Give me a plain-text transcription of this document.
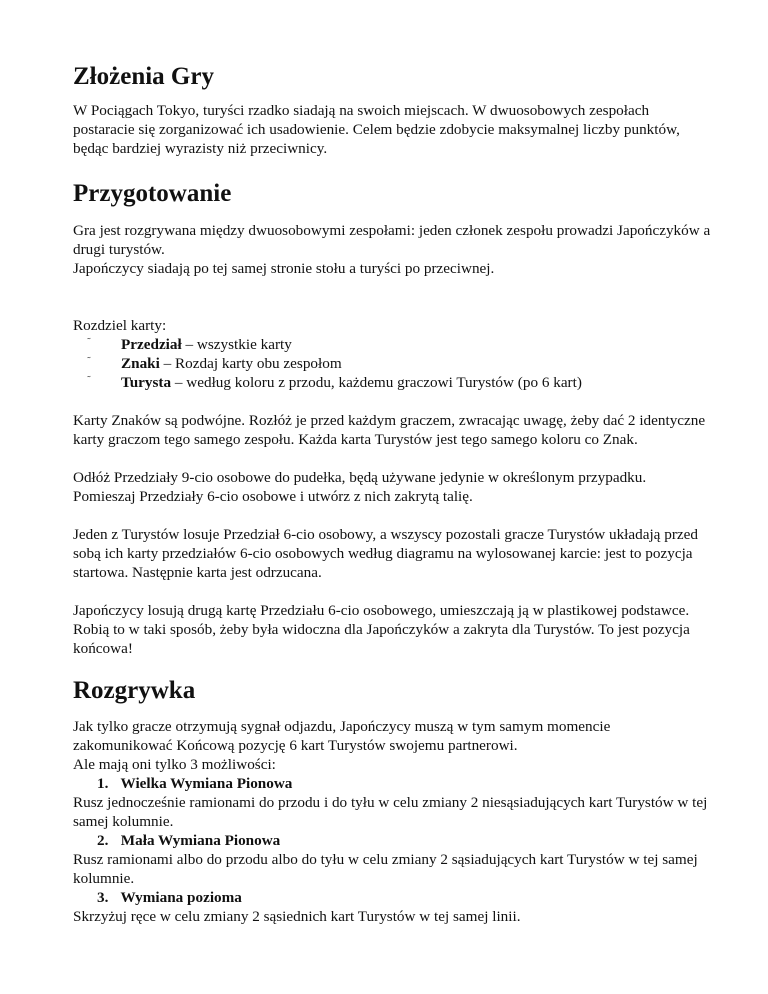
Złożenia Gry

W Pociągach Tokyo, turyści rzadko siadają na swoich miejscach. W dwuosobowych zespołach postaracie się zorganizować ich usadowienie. Celem będzie zdobycie maksymalnej liczby punktów, będąc bardziej wyrazisty niż przeciwnicy.

Przygotowanie

Gra jest rozgrywana między dwuosobowymi zespołami: jeden członek zespołu prowadzi Japończyków a drugi turystów.

Japończycy siadają po tej samej stronie stołu a turyści po przeciwnej.

Rozdziel karty:

˜ Przedział – wszystkie karty
˜ Znaki – Rozdaj karty obu zespołom
˜ Turysta – według koloru z przodu, każdemu graczowi Turystów (po 6 kart)

Karty Znaków są podwójne. Rozłóż je przed każdym graczem, zwracając uwagę, żeby dać 2 identyczne karty graczom tego samego zespołu. Każda karta Turystów jest tego samego koloru co Znak.

Odłóż Przedziały 9-cio osobowe do pudełka, będą używane jedynie w określonym przypadku.

Pomieszaj Przedziały 6-cio osobowe i utwórz z nich zakrytą talię.

Jeden z Turystów losuje Przedział 6-cio osobowy, a wszyscy pozostali gracze Turystów układają przed sobą ich karty przedziałów 6-cio osobowych według diagramu na wylosowanej karcie: jest to pozycja startowa. Następnie karta jest odrzucana.

Japończycy losują drugą kartę Przedziału 6-cio osobowego, umieszczają ją w plastikowej podstawce. Robią to w taki sposób, żeby była widoczna dla Japończyków a zakryta dla Turystów. To jest pozycja końcowa!

Rozgrywka

Jak tylko gracze otrzymują sygnał odjazdu, Japończycy muszą w tym samym momencie zakomunikować Końcową pozycję 6 kart Turystów swojemu partnerowi.

Ale mają oni tylko 3 możliwości:

1. Wielka Wymiana Pionowa

Rusz jednocześnie ramionami do przodu i do tyłu w celu zmiany 2 niesąsiadujących kart Turystów w tej samej kolumnie.

2. Mała Wymiana Pionowa

Rusz ramionami albo do przodu albo do tyłu w celu zmiany 2 sąsiadujących kart Turystów w tej samej kolumnie.

3. Wymiana pozioma

Skrzyżuj ręce w celu zmiany 2 sąsiednich kart Turystów w tej samej linii.
